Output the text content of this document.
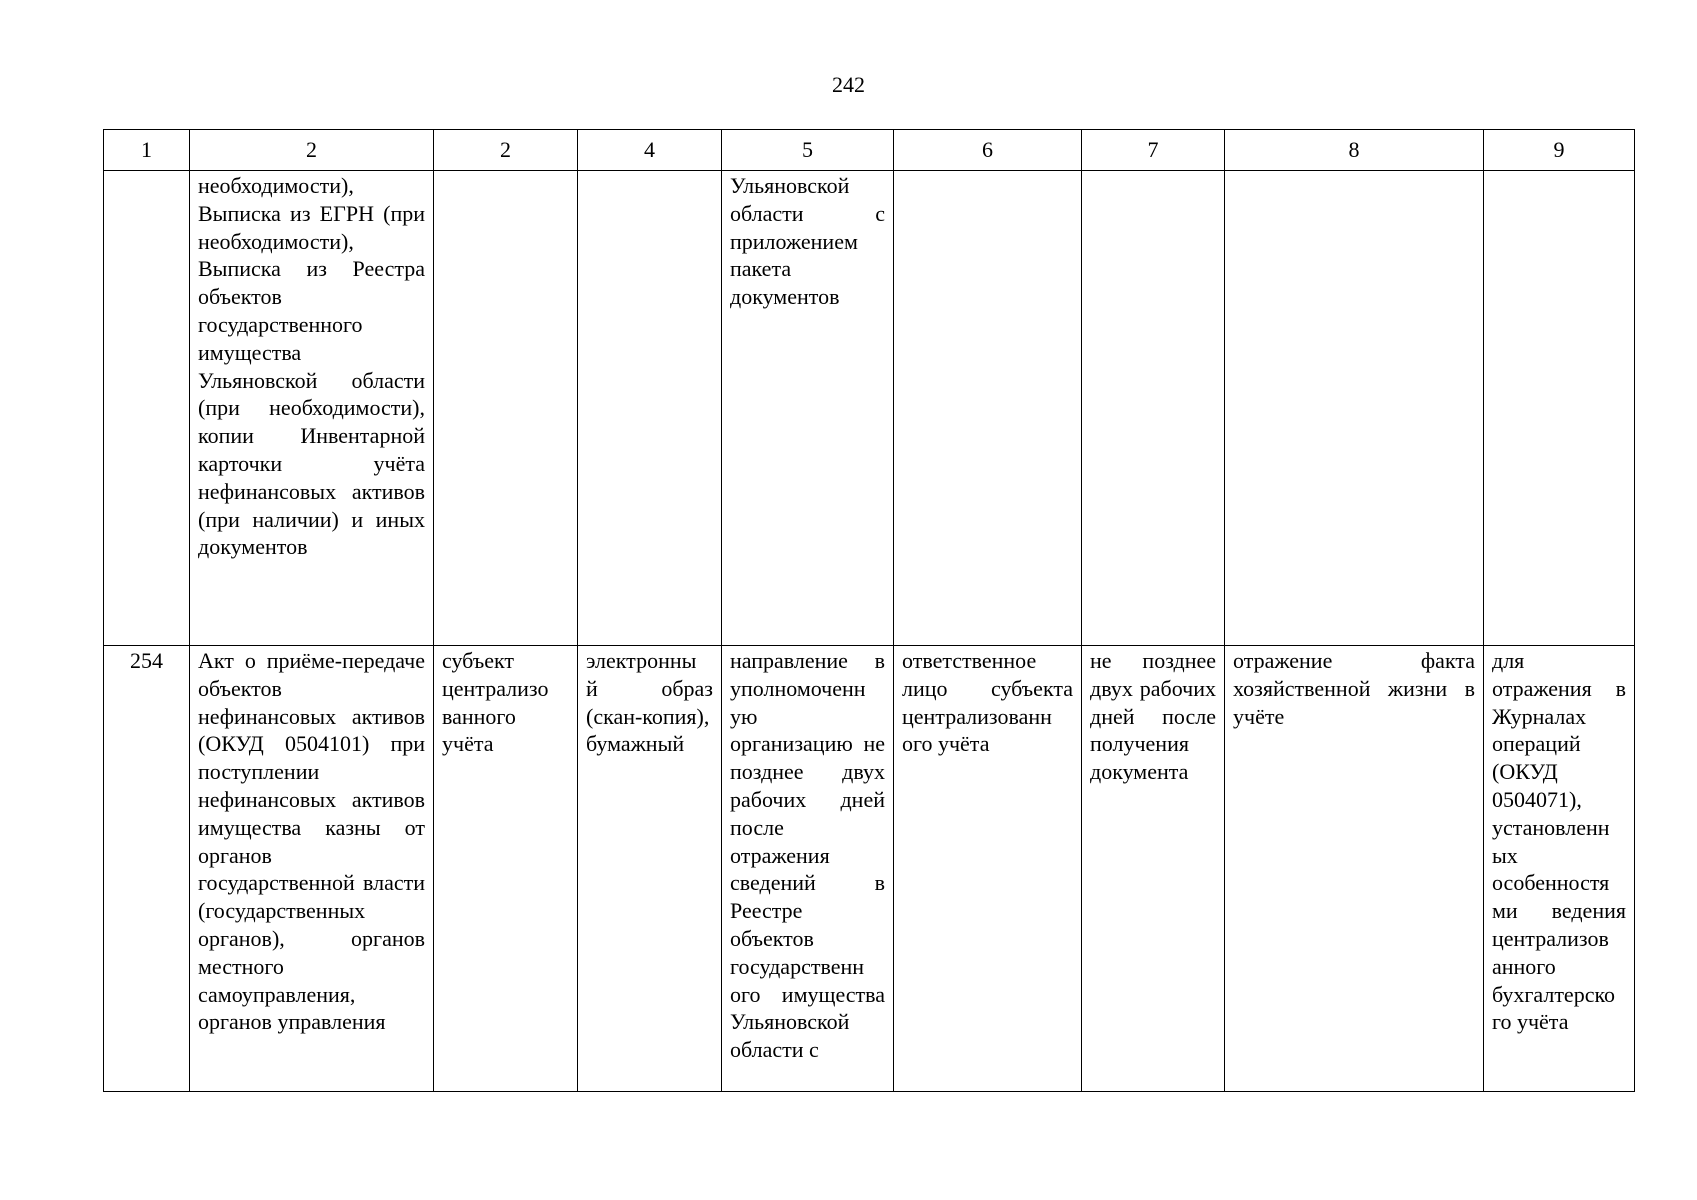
242
1	2	2	4	5	6	7	8	9

	необходимости), Выписка из ЕГРН (при необходимости), Выписка из Реестра объектов государственного имущества Ульяновской области (при необходимости), копии Инвентарной карточки учёта нефинансовых активов (при наличии) и иных документов			Ульяновской области с приложением пакета документов				

254	Акт о приёме-передаче объектов нефинансовых активов (ОКУД 0504101) при поступлении нефинансовых активов имущества казны от органов государственной власти (государственных органов), органов местного самоуправления, органов управления	субъект централизо ванного учёта	электронны й образ (скан-копия), бумажный	направление в уполномоченн ую организацию не позднее двух рабочих дней после отражения сведений в Реестре объектов государственн ого имущества Ульяновской области с	ответственное лицо субъекта централизованн ого учёта	не позднее двух рабочих дней после получения документа	отражение факта хозяйственной жизни в учёте	для отражения в Журналах операций (ОКУД 0504071), установленн ых особенностя ми ведения централизов анного бухгалтерско го учёта
